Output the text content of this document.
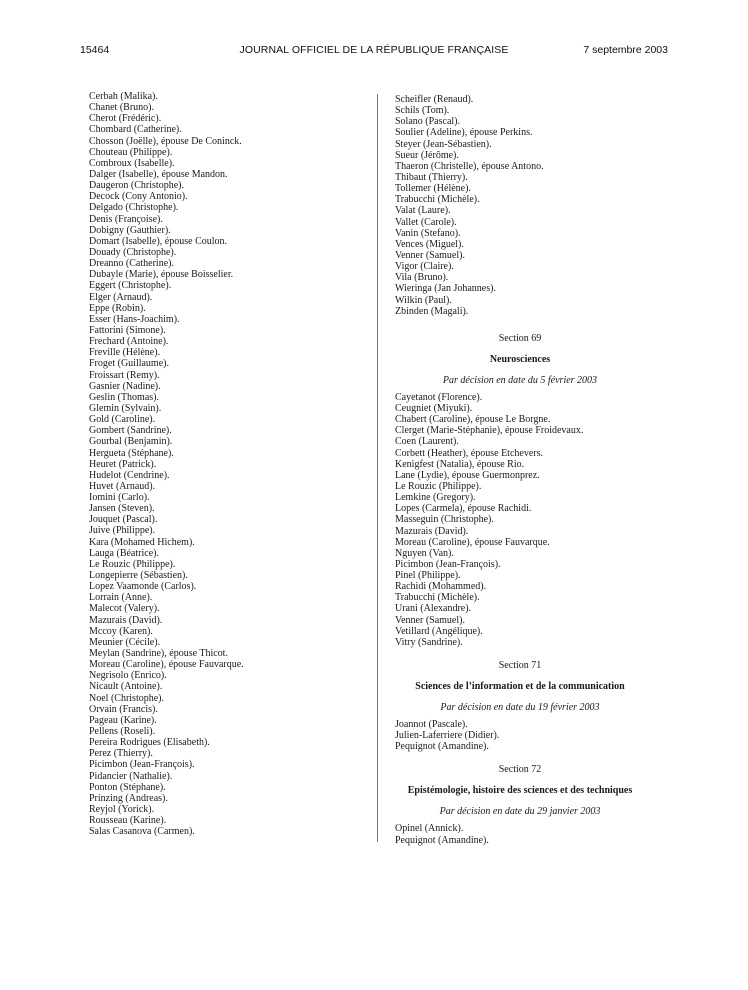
15464	JOURNAL OFFICIEL DE LA RÉPUBLIQUE FRANÇAISE	7 septembre 2003
Cerbah (Malika).
Chanet (Bruno).
Cherot (Frédéric).
Chombard (Catherine).
Chosson (Joëlle), épouse De Coninck.
Chouteau (Philippe).
Combroux (Isabelle).
Dalger (Isabelle), épouse Mandon.
Daugeron (Christophe).
Decock (Cony Antonio).
Delgado (Christophe).
Denis (Françoise).
Dobigny (Gauthier).
Domart (Isabelle), épouse Coulon.
Douady (Christophe).
Dreanno (Catherine).
Dubayle (Marie), épouse Boisselier.
Eggert (Christophe).
Elger (Arnaud).
Eppe (Robin).
Esser (Hans-Joachim).
Fattorini (Simone).
Frechard (Antoine).
Freville (Hélène).
Froget (Guillaume).
Froissart (Remy).
Gasnier (Nadine).
Geslin (Thomas).
Glemin (Sylvain).
Gold (Caroline).
Gombert (Sandrine).
Gourbal (Benjamin).
Hergueta (Stéphane).
Heuret (Patrick).
Hudelot (Cendrine).
Huvet (Arnaud).
Iomini (Carlo).
Jansen (Steven).
Jouquet (Pascal).
Juive (Philippe).
Kara (Mohamed Hichem).
Lauga (Béatrice).
Le Rouzic (Philippe).
Longepierre (Sébastien).
Lopez Vaamonde (Carlos).
Lorrain (Anne).
Malecot (Valery).
Mazurais (David).
Mccoy (Karen).
Meunier (Cécile).
Meylan (Sandrine), épouse Thicot.
Moreau (Caroline), épouse Fauvarque.
Negrisolo (Enrico).
Nicault (Antoine).
Noel (Christophe).
Orvain (Francis).
Pageau (Karine).
Pellens (Roseli).
Pereira Rodrigues (Elisabeth).
Perez (Thierry).
Picimbon (Jean-François).
Pidancier (Nathalie).
Ponton (Stéphane).
Prinzing (Andreas).
Reyjol (Yorick).
Rousseau (Karine).
Salas Casanova (Carmen).
Scheifler (Renaud).
Schils (Tom).
Solano (Pascal).
Soulier (Adeline), épouse Perkins.
Steyer (Jean-Sébastien).
Sueur (Jérôme).
Thaeron (Christelle), épouse Antono.
Thibaut (Thierry).
Tollemer (Hélène).
Trabucchi (Michèle).
Valat (Laure).
Vallet (Carole).
Vanin (Stefano).
Vences (Miguel).
Venner (Samuel).
Vigor (Claire).
Vila (Bruno).
Wieringa (Jan Johannes).
Wilkin (Paul).
Zbinden (Magali).
Section 69
Neurosciences
Par décision en date du 5 février 2003
Cayetanot (Florence).
Ceugniet (Miyuki).
Chabert (Caroline), épouse Le Borgne.
Clerget (Marie-Stéphanie), épouse Froidevaux.
Coen (Laurent).
Corbett (Heather), épouse Etchevers.
Kenigfest (Natalia), épouse Rio.
Lane (Lydie), épouse Guermonprez.
Le Rouzic (Philippe).
Lemkine (Gregory).
Lopes (Carmela), épouse Rachidi.
Masseguin (Christophe).
Mazurais (David).
Moreau (Caroline), épouse Fauvarque.
Nguyen (Van).
Picimbon (Jean-François).
Pinel (Philippe).
Rachidi (Mohammed).
Trabucchi (Michèle).
Urani (Alexandre).
Venner (Samuel).
Vetillard (Angélique).
Vitry (Sandrine).
Section 71
Sciences de l’information et de la communication
Par décision en date du 19 février 2003
Joannot (Pascale).
Julien-Laferriere (Didier).
Pequignot (Amandine).
Section 72
Epistémologie, histoire des sciences et des techniques
Par décision en date du 29 janvier 2003
Opinel (Annick).
Pequignot (Amandine).
